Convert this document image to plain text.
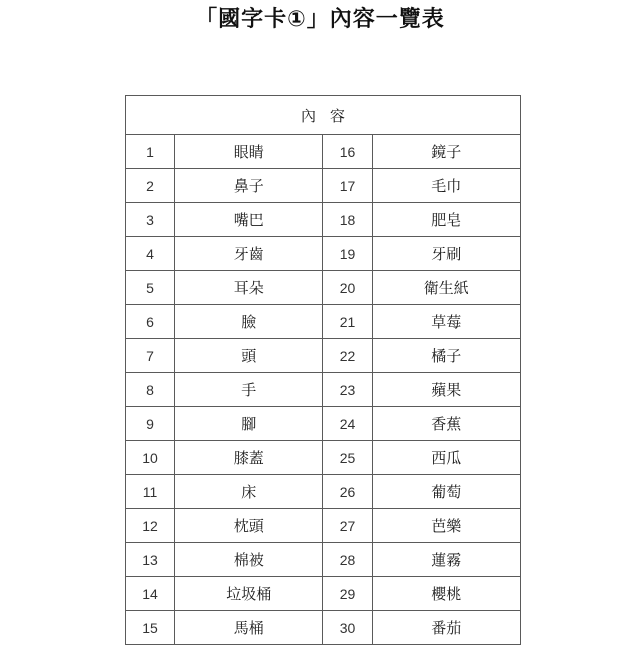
「國字卡①」內容一覽表
內容			
1	眼睛	16	鏡子
2	鼻子	17	毛巾
3	嘴巴	18	肥皂
4	牙齒	19	牙刷
5	耳朵	20	衛生紙
6	臉	21	草莓
7	頭	22	橘子
8	手	23	蘋果
9	腳	24	香蕉
10	膝蓋	25	西瓜
11	床	26	葡萄
12	枕頭	27	芭樂
13	棉被	28	蓮霧
14	垃圾桶	29	櫻桃
15	馬桶	30	番茄
